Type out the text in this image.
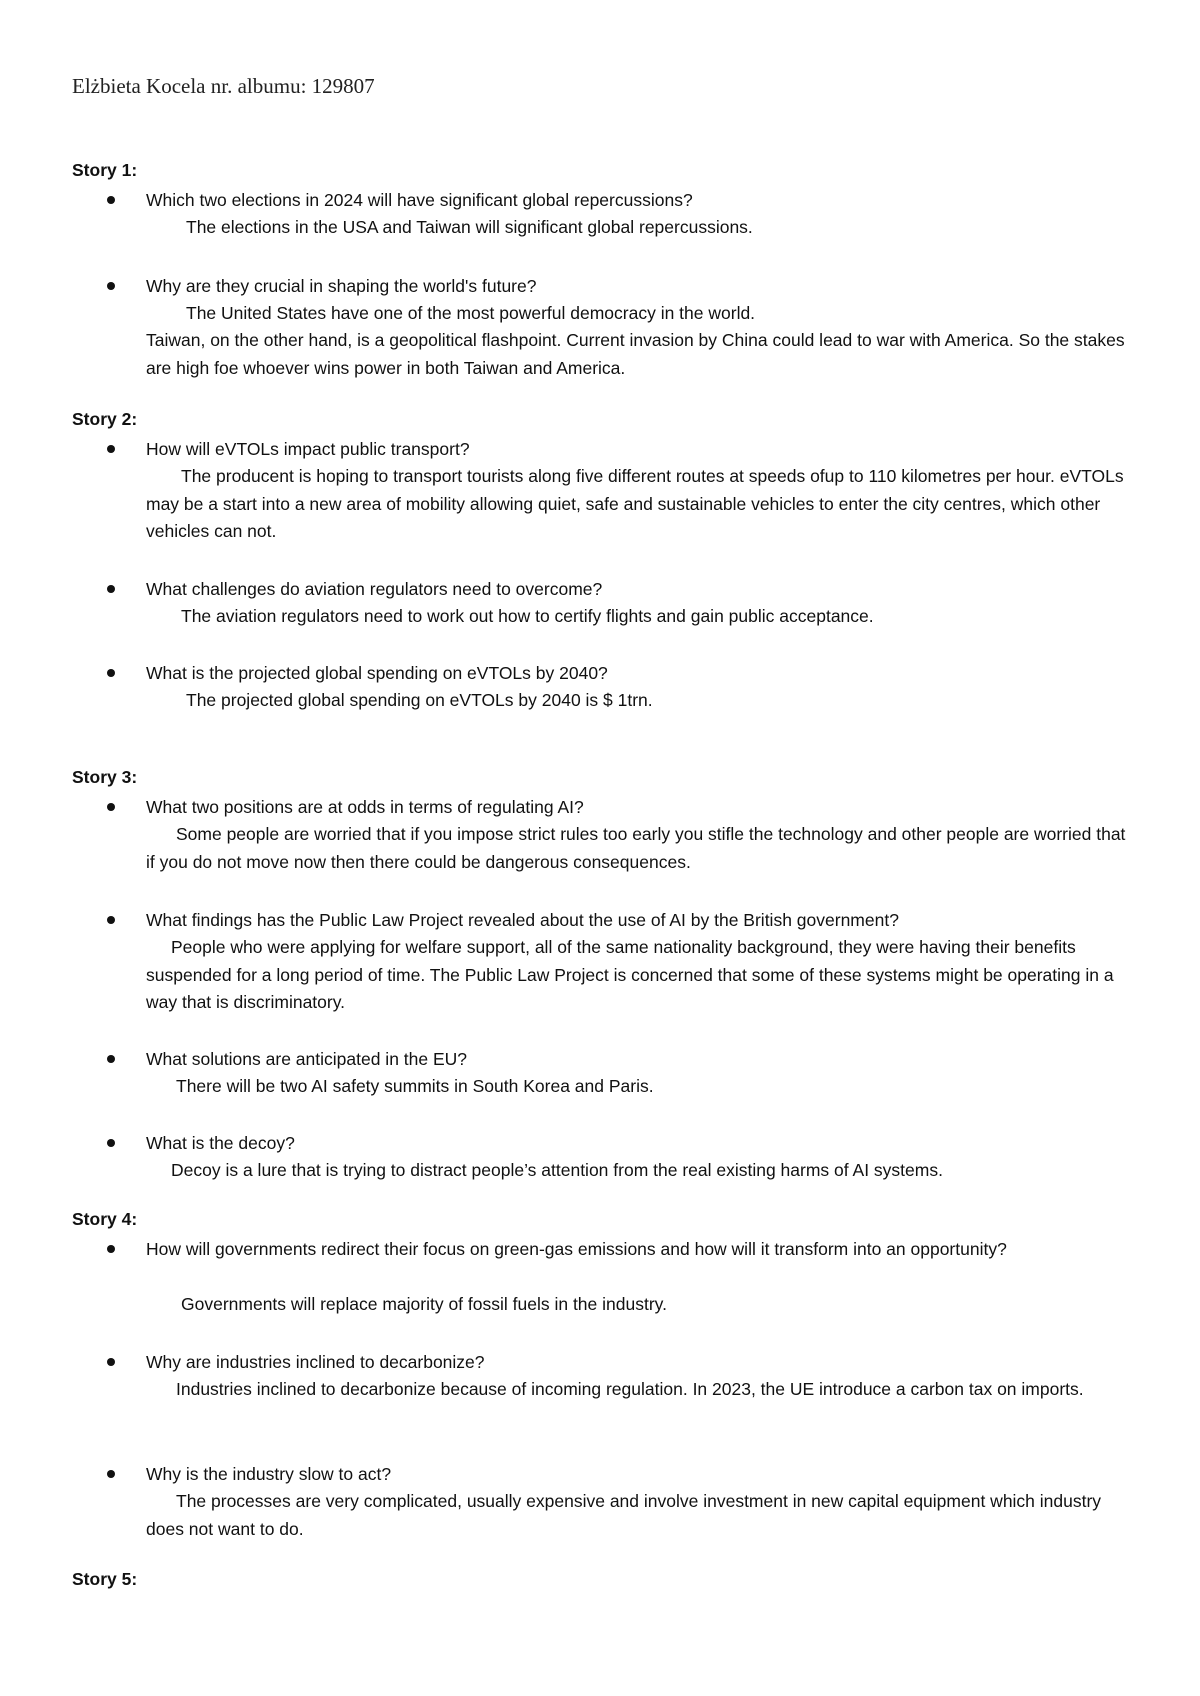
Elżbieta Kocela nr. albumu: 129807
Story 1:
Which two elections in 2024 will have significant global repercussions?
The elections in the USA and Taiwan will significant global repercussions.
Why are they crucial in shaping the world's future?
The United States have one of the most powerful democracy in the world.
Taiwan, on the other hand, is a geopolitical flashpoint. Current invasion by China could lead to war with America. So the stakes are high foe whoever wins power in both Taiwan and America.
Story 2:
How will eVTOLs impact public transport?
The producent is hoping to transport tourists along five different routes at speeds ofup to 110 kilometres per hour. eVTOLs may be a start into a new area of mobility allowing quiet, safe and sustainable vehicles to enter the city centres, which other vehicles can not.
What challenges do aviation regulators need to overcome?
The aviation regulators need to work out how to certify flights and gain public acceptance.
What is the projected global spending on eVTOLs by 2040?
The projected global spending on eVTOLs by 2040 is $ 1trn.
Story 3:
What two positions are at odds in terms of regulating AI?
Some people are worried that if you impose strict rules too early you stifle the technology and other people are worried that if you do not move now then there could be dangerous consequences.
What findings has the Public Law Project revealed about the use of AI by the British government?
People who were applying for welfare support, all of the same nationality background, they were having their benefits suspended for a long period of time. The Public Law Project is concerned that some of these systems might be operating in a way that is discriminatory.
What solutions are anticipated in the EU?
There will be two AI safety summits in South Korea and Paris.
What is the decoy?
Decoy is a lure that is trying to distract people’s attention from the real existing harms of AI systems.
Story 4:
How will governments redirect their focus on green-gas emissions and how will it transform into an opportunity?
Governments will replace majority of fossil fuels in the industry.
Why are industries inclined to decarbonize?
Industries inclined to decarbonize because of incoming regulation. In 2023, the UE introduce a carbon tax on imports.
Why is the industry slow to act?
The processes are very complicated, usually expensive and involve investment in new capital equipment which industry does not want to do.
Story 5:
